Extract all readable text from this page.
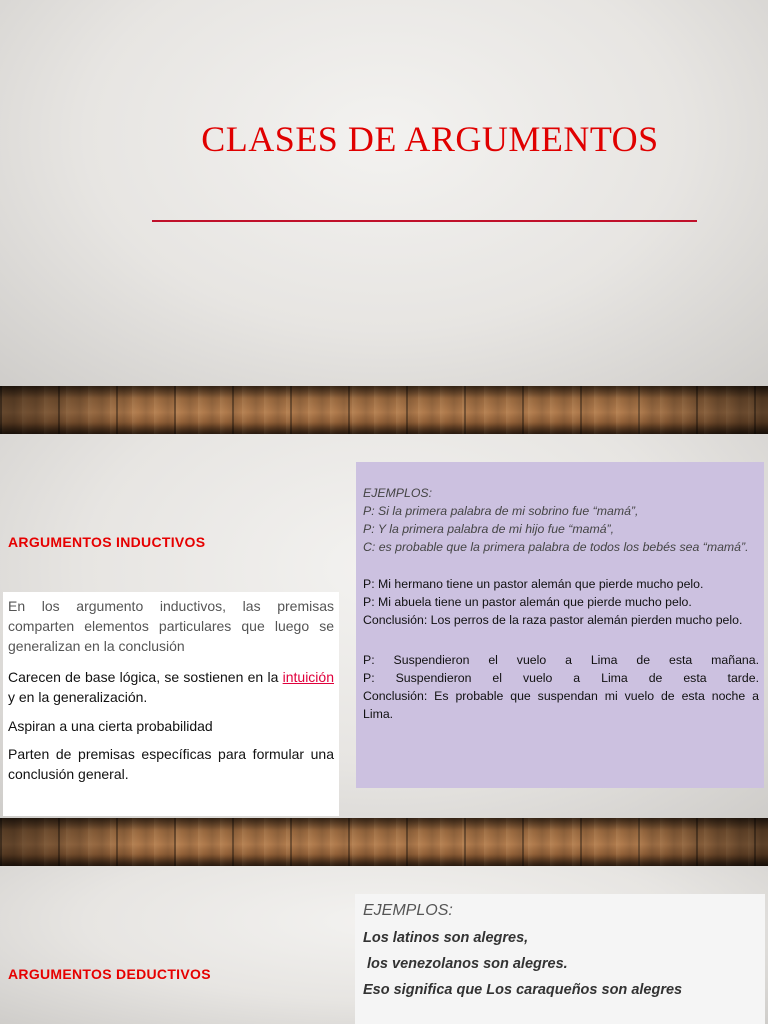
CLASES DE ARGUMENTOS
ARGUMENTOS INDUCTIVOS

En los argumento inductivos, las premisas comparten elementos particulares que luego se generalizan en la conclusión

Carecen de base lógica, se sostienen en la intuición y en la generalización.

Aspiran a una cierta probabilidad

Parten de premisas específicas para formular una conclusión general.

EJEMPLOS:
P: Si la primera palabra de mi sobrino fue “mamá”,
P: Y la primera palabra de mi hijo fue “mamá”,
C: es probable que la primera palabra de todos los bebés sea “mamá”.
P: Mi hermano tiene un pastor alemán que pierde mucho pelo.
P: Mi abuela tiene un pastor alemán que pierde mucho pelo.
Conclusión: Los perros de la raza pastor alemán pierden mucho pelo.
P: Suspendieron el vuelo a Lima de esta mañana.
P: Suspendieron el vuelo a Lima de esta tarde.
Conclusión: Es probable que suspendan mi vuelo de esta noche a
Lima.
ARGUMENTOS DEDUCTIVOS
EJEMPLOS:
Los latinos son alegres,
los venezolanos son alegres.
Eso significa que Los caraqueños son alegres
